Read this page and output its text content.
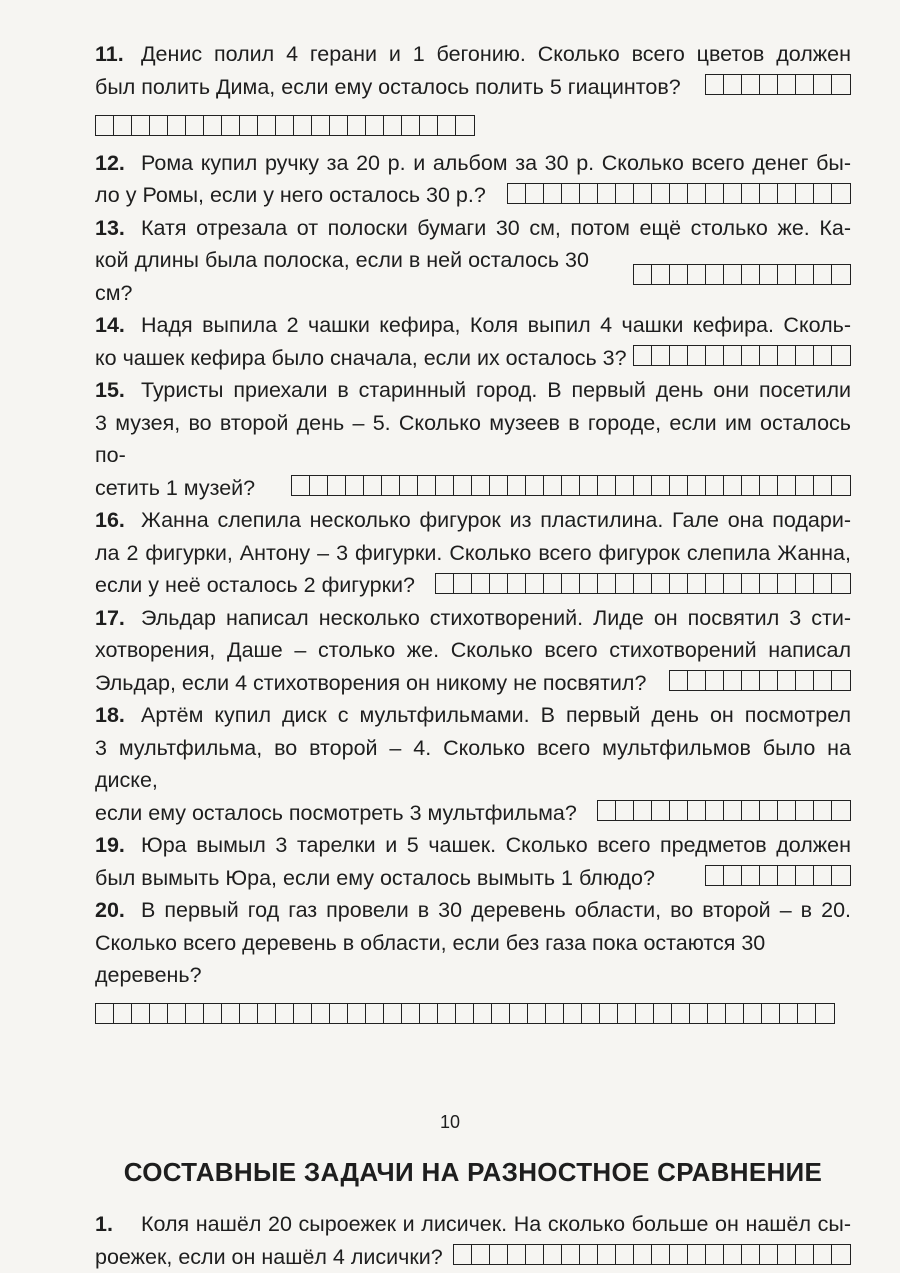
11. Денис полил 4 герани и 1 бегонию. Сколько всего цветов должен
был полить Дима, если ему осталось полить 5 гиацинтов?
12. Рома купил ручку за 20 р. и альбом за 30 р. Сколько всего денег бы-
ло у Ромы, если у него осталось 30 р.?
13. Катя отрезала от полоски бумаги 30 см, потом ещё столько же. Ка-
кой длины была полоска, если в ней осталось 30 см?
14. Надя выпила 2 чашки кефира, Коля выпил 4 чашки кефира. Сколь-
ко чашек кефира было сначала, если их осталось 3?
15. Туристы приехали в старинный город. В первый день они посетили
3 музея, во второй день – 5. Сколько музеев в городе, если им осталось по-
сетить 1 музей?
16. Жанна слепила несколько фигурок из пластилина. Гале она подари-
ла 2 фигурки, Антону – 3 фигурки. Сколько всего фигурок слепила Жанна,
если у неё осталось 2 фигурки?
17. Эльдар написал несколько стихотворений. Лиде он посвятил 3 сти-
хотворения, Даше – столько же. Сколько всего стихотворений написал
Эльдар, если 4 стихотворения он никому не посвятил?
18. Артём купил диск с мультфильмами. В первый день он посмотрел
3 мультфильма, во второй – 4. Сколько всего мультфильмов было на диске,
если ему осталось посмотреть 3 мультфильма?
19. Юра вымыл 3 тарелки и 5 чашек. Сколько всего предметов должен
был вымыть Юра, если ему осталось вымыть 1 блюдо?
20. В первый год газ провели в 30 деревень области, во второй – в 20.
Сколько всего деревень в области, если без газа пока остаются 30 деревень?
СОСТАВНЫЕ ЗАДАЧИ НА РАЗНОСТНОЕ СРАВНЕНИЕ
1. Коля нашёл 20 сыроежек и лисичек. На сколько больше он нашёл сы-
роежек, если он нашёл 4 лисички?
10
